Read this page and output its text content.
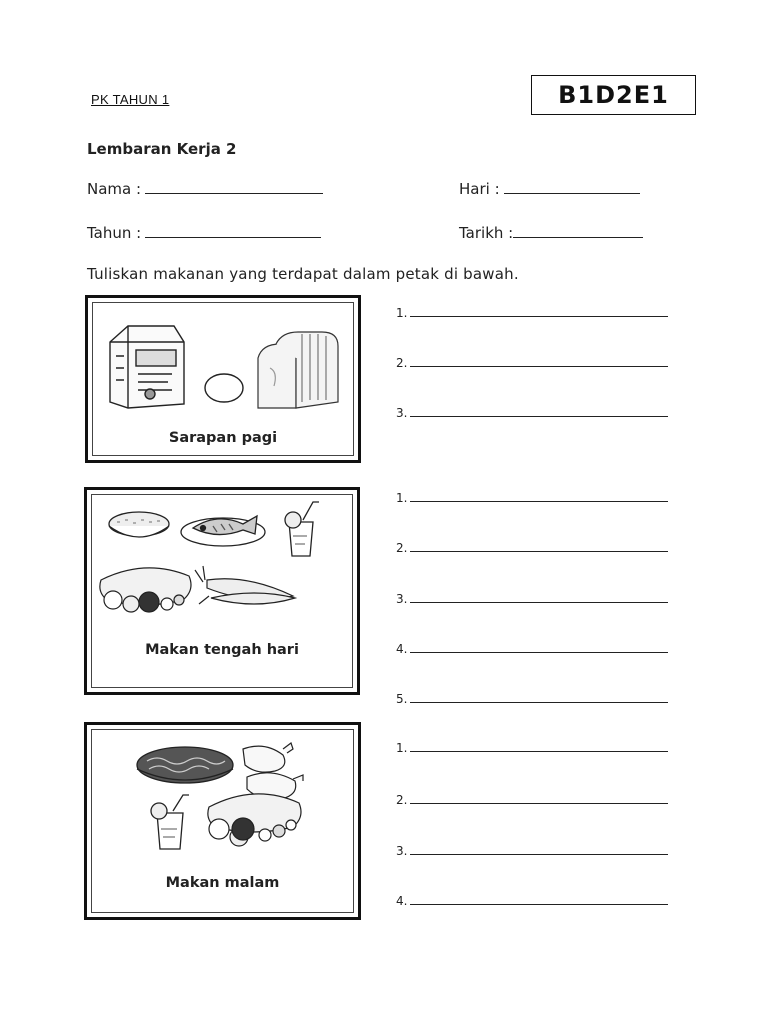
PK TAHUN 1	B1D2E1
Lembaran Kerja 2
Nama :	Hari :
Tahun :	Tarikh :
Tuliskan makanan yang terdapat dalam petak di bawah.
Sarapan pagi
1.
2.
3.
Makan tengah hari
1.
2.
3.
4.
5.
Makan malam
1.
2.
3.
4.
